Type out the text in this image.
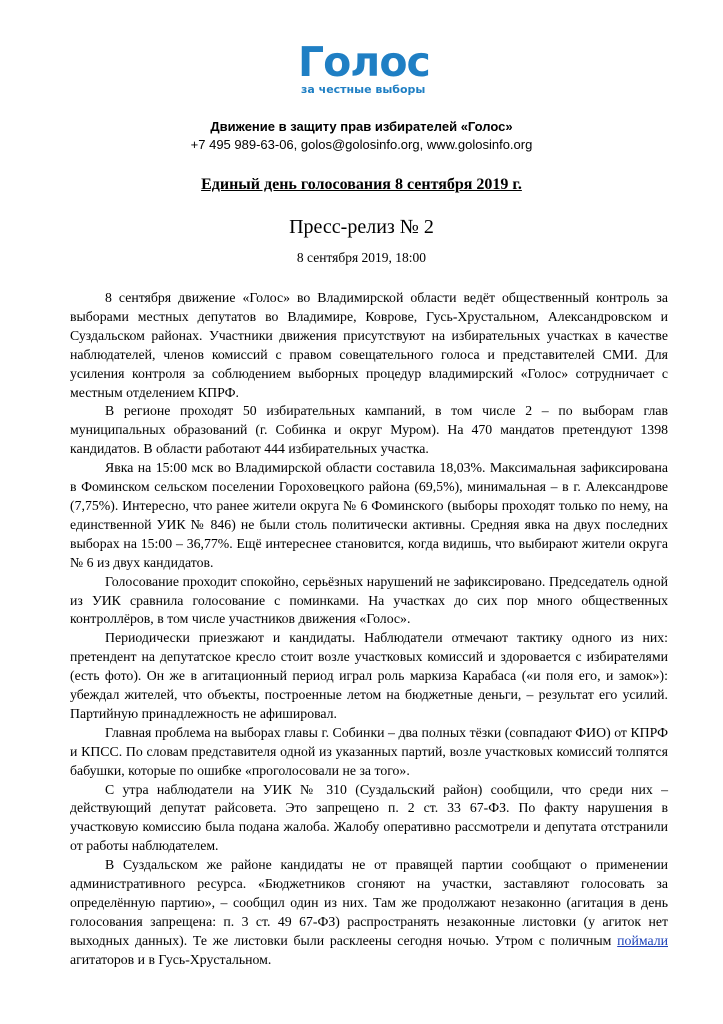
Голос
за честные выборы
Движение в защиту прав избирателей «Голос»
+7 495 989-63-06, golos@golosinfo.org, www.golosinfo.org
Единый день голосования 8 сентября 2019 г.
Пресс-релиз № 2
8 сентября 2019, 18:00

8 сентября движение «Голос» во Владимирской области ведёт общественный контроль за выборами местных депутатов во Владимире, Коврове, Гусь-Хрустальном, Александровском и Суздальском районах. Участники движения присутствуют на избирательных участках в качестве наблюдателей, членов комиссий с правом совещательного голоса и представителей СМИ. Для усиления контроля за соблюдением выборных процедур владимирский «Голос» сотрудничает с местным отделением КПРФ.

В регионе проходят 50 избирательных кампаний, в том числе 2 – по выборам глав муниципальных образований (г. Собинка и округ Муром). На 470 мандатов претендуют 1398 кандидатов. В области работают 444 избирательных участка.

Явка на 15:00 мск во Владимирской области составила 18,03%. Максимальная зафиксирована в Фоминском сельском поселении Гороховецкого района (69,5%), минимальная – в г. Александрове (7,75%). Интересно, что ранее жители округа № 6 Фоминского (выборы проходят только по нему, на единственной УИК № 846) не были столь политически активны. Средняя явка на двух последних выборах на 15:00 – 36,77%. Ещё интереснее становится, когда видишь, что выбирают жители округа № 6 из двух кандидатов.

Голосование проходит спокойно, серьёзных нарушений не зафиксировано. Председатель одной из УИК сравнила голосование с поминками. На участках до сих пор много общественных контроллёров, в том числе участников движения «Голос».

Периодически приезжают и кандидаты. Наблюдатели отмечают тактику одного из них: претендент на депутатское кресло стоит возле участковых комиссий и здоровается с избирателями (есть фото). Он же в агитационный период играл роль маркиза Карабаса («и поля его, и замок»): убеждал жителей, что объекты, построенные летом на бюджетные деньги, – результат его усилий. Партийную принадлежность не афишировал.

Главная проблема на выборах главы г. Собинки – два полных тёзки (совпадают ФИО) от КПРФ и КПСС. По словам представителя одной из указанных партий, возле участковых комиссий толпятся бабушки, которые по ошибке «проголосовали не за того».

С утра наблюдатели на УИК № 310 (Суздальский район) сообщили, что среди них – действующий депутат райсовета. Это запрещено п. 2 ст. 33 67-ФЗ. По факту нарушения в участковую комиссию была подана жалоба. Жалобу оперативно рассмотрели и депутата отстранили от работы наблюдателем.

В Суздальском же районе кандидаты не от правящей партии сообщают о применении административного ресурса. «Бюджетников сгоняют на участки, заставляют голосовать за определённую партию», – сообщил один из них. Там же продолжают незаконно (агитация в день голосования запрещена: п. 3 ст. 49 67-ФЗ) распространять незаконные листовки (у агиток нет выходных данных). Те же листовки были расклеены сегодня ночью. Утром с поличным поймали агитаторов и в Гусь-Хрустальном.
